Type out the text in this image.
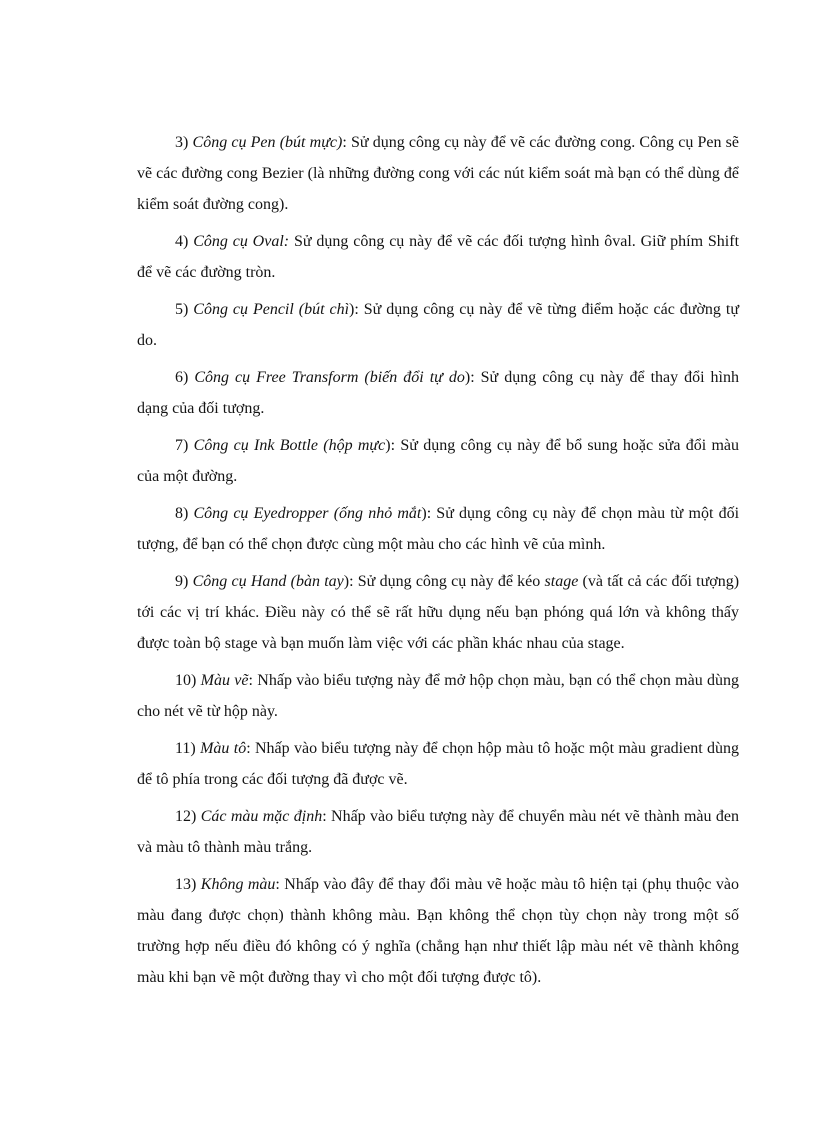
3) Công cụ Pen (bút mực): Sử dụng công cụ này để vẽ các đường cong. Công cụ Pen sẽ vẽ các đường cong Bezier (là những đường cong với các nút kiểm soát mà bạn có thể dùng để kiểm soát đường cong).

4) Công cụ Oval: Sử dụng công cụ này để vẽ các đối tượng hình ôval. Giữ phím Shift để vẽ các đường tròn.

5) Công cụ Pencil (bút chì): Sử dụng công cụ này để vẽ từng điểm hoặc các đường tự do.

6) Công cụ Free Transform (biến đổi tự do): Sử dụng công cụ này để thay đổi hình dạng của đối tượng.

7) Công cụ Ink Bottle (hộp mực): Sử dụng công cụ này để bổ sung hoặc sửa đổi màu của một đường.

8) Công cụ Eyedropper (ống nhỏ mắt): Sử dụng công cụ này để chọn màu từ một đối tượng, để bạn có thể chọn được cùng một màu cho các hình vẽ của mình.

9) Công cụ Hand (bàn tay): Sử dụng công cụ này để kéo stage (và tất cả các đối tượng) tới các vị trí khác. Điều này có thể sẽ rất hữu dụng nếu bạn phóng quá lớn và không thấy được toàn bộ stage và bạn muốn làm việc với các phần khác nhau của stage.

10) Màu vẽ: Nhấp vào biểu tượng này để mở hộp chọn màu, bạn có thể chọn màu dùng cho nét vẽ từ hộp này.

11) Màu tô: Nhấp vào biểu tượng này để chọn hộp màu tô hoặc một màu gradient dùng để tô phía trong các đối tượng đã được vẽ.

12) Các màu mặc định: Nhấp vào biểu tượng này để chuyển màu nét vẽ thành màu đen và màu tô thành màu trắng.

13) Không màu: Nhấp vào đây để thay đổi màu vẽ hoặc màu tô hiện tại (phụ thuộc vào màu đang được chọn) thành không màu. Bạn không thể chọn tùy chọn này trong một số trường hợp nếu điều đó không có ý nghĩa (chẳng hạn như thiết lập màu nét vẽ thành không màu khi bạn vẽ một đường thay vì cho một đối tượng được tô).
